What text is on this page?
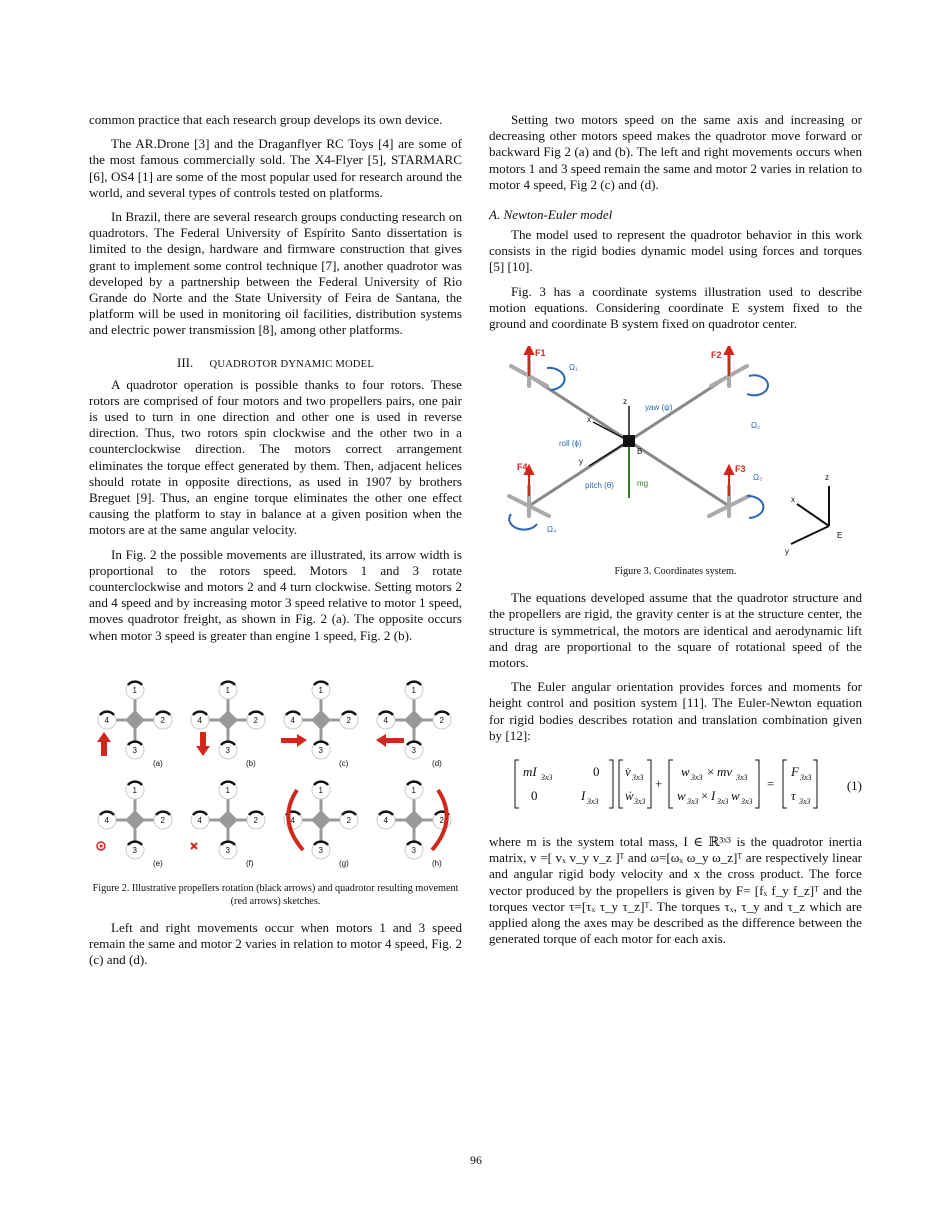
common practice that each research group develops its own device.

The AR.Drone [3] and the Draganflyer RC Toys [4] are some of the most famous commercially sold. The X4-Flyer [5], STARMARC [6], OS4 [1] are some of the most popular used for research around the world, and several types of controls tested on platforms.

In Brazil, there are several research groups conducting research on quadrotors. The Federal University of Espírito Santo dissertation is limited to the design, hardware and firmware construction that gives grant to implement some control technique [7], another quadrotor was developed by a partnership between the Federal University of Rio Grande do Norte and the State University of Feira de Santana, the platform will be used in monitoring oil facilities, distribution systems and electric power transmission [8], among other platforms.

III. QUADROTOR DYNAMIC MODEL

A quadrotor operation is possible thanks to four rotors. These rotors are comprised of four motors and two propellers pairs, one pair is used to turn in one direction and other one is used in reverse direction. Thus, two rotors spin clockwise and the other two in a counterclockwise direction. The motors correct arrangement eliminates the torque effect generated by them. Then, adjacent helices should rotate in opposite directions, as used in 1907 by brothers Breguet [9]. Thus, an engine torque eliminates the other one effect causing the platform to stay in balance at a given position when the motors are at the same angular velocity.

In Fig. 2 the possible movements are illustrated, its arrow width is proportional to the rotors speed. Motors 1 and 3 rotate counterclockwise and motors 2 and 4 turn clockwise. Setting motors 2 and 4 speed and by increasing motor 3 speed relative to motor 1 speed, moves quadrotor freight, as shown in Fig. 2 (a). The opposite occurs when motor 3 speed is greater than engine 1 speed, Fig. 2 (b).

1
2
3
4
(a)
1
2
3
4
(b)
1
2
3
4
(c)
1
2
3
4
(d)
1
2
3
4
(e)
1
2
3
4
(f)
1
2
3
4
(g)
1
2
3
4
(h)
Figure 2. Illustrative propellers rotation (black arrows) and quadrotor resulting movement (red arrows) sketches.

Left and right movements occur when motors 1 and 3 speed remain the same and motor 2 varies in relation to motor 4 speed, Fig. 2 (c) and (d).

Setting two motors speed on the same axis and increasing or decreasing other motors speed makes the quadrotor move forward or backward Fig 2 (a) and (b). The left and right movements occurs when motors 1 and 3 speed remain the same and motor 2 varies in relation to motor 4 speed, Fig 2 (c) and (d).

A. Newton-Euler model

The model used to represent the quadrotor behavior in this work consists in the rigid bodies dynamic model using forces and torques [5] [10].

Fig. 3 has a coordinate systems illustration used to describe motion equations. Considering coordinate E system fixed to the ground and coordinate B system fixed on quadrotor center.

F1	F2
F4	F3
Ω₁
Ω₂
Ω₃
Ω₄
yaw (ψ)
roll (ϕ)
pitch (θ)
z
x
y
B
mg
z
x
y
E
Figure 3. Coordinates system.

The equations developed assume that the quadrotor structure and the propellers are rigid, the gravity center is at the structure center, the structure is symmetrical, the motors are identical and aerodynamic lift and drag are proportional to the square of rotational speed of the motors.

The Euler angular orientation provides forces and moments for height control and position system [11]. The Euler-Newton equation for rigid bodies describes rotation and translation combination given by [12]:

mI 3x3	0
0	I 3x3
v̇ 3x3
ẇ 3x3
+
w 3x3 × mv 3x3
w 3x3 × I 3x3 w 3x3
=
F 3x3
τ 3x3
(1)

where m is the system total mass, I ∈ ℝ³ˣ³ is the quadrotor inertia matrix, v =[ vₓ v_y v_z ]ᵀ and ω=[ωₓ ω_y ω_z]ᵀ are respectively linear and angular rigid body velocity and x the cross product. The force vector produced by the propellers is given by F= [fₓ f_y f_z]ᵀ and the torques vector τ=[τₓ τ_y τ_z]ᵀ. The torques τₓ, τ_y and τ_z which are applied along the axes may be described as the difference between the generated torque of each motor for each axis.

96
